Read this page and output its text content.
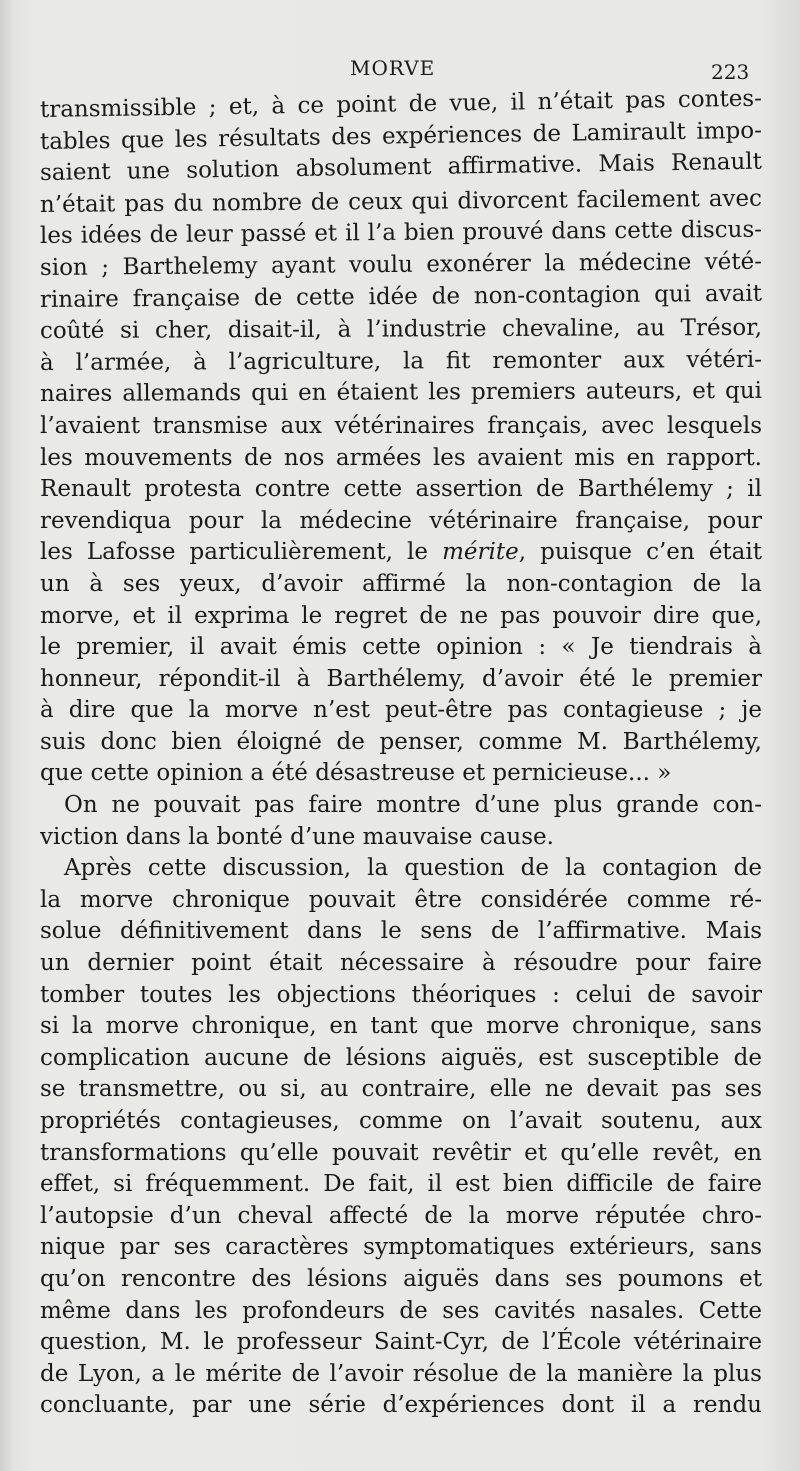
MORVE	223
transmissible ; et, à ce point de vue, il n’était pas contes-
tables que les résultats des expériences de Lamirault impo-
saient une solution absolument affirmative. Mais Renault
n’était pas du nombre de ceux qui divorcent facilement avec
les idées de leur passé et il l’a bien prouvé dans cette discus-
sion ; Barthelemy ayant voulu exonérer la médecine vété-
rinaire française de cette idée de non-contagion qui avait
coûté si cher, disait-il, à l’industrie chevaline, au Trésor,
à l’armée, à l’agriculture, la fit remonter aux vétéri-
naires allemands qui en étaient les premiers auteurs, et qui
l’avaient transmise aux vétérinaires français, avec lesquels
les mouvements de nos armées les avaient mis en rapport.
Renault protesta contre cette assertion de Barthélemy ; il
revendiqua pour la médecine vétérinaire française, pour
les Lafosse particulièrement, le mérite, puisque c’en était
un à ses yeux, d’avoir affirmé la non-contagion de la
morve, et il exprima le regret de ne pas pouvoir dire que,
le premier, il avait émis cette opinion : « Je tiendrais à
honneur, répondit-il à Barthélemy, d’avoir été le premier
à dire que la morve n’est peut-être pas contagieuse ; je
suis donc bien éloigné de penser, comme M. Barthélemy,
que cette opinion a été désastreuse et pernicieuse... »
On ne pouvait pas faire montre d’une plus grande con-
viction dans la bonté d’une mauvaise cause.
Après cette discussion, la question de la contagion de
la morve chronique pouvait être considérée comme ré-
solue définitivement dans le sens de l’affirmative. Mais
un dernier point était nécessaire à résoudre pour faire
tomber toutes les objections théoriques : celui de savoir
si la morve chronique, en tant que morve chronique, sans
complication aucune de lésions aiguës, est susceptible de
se transmettre, ou si, au contraire, elle ne devait pas ses
propriétés contagieuses, comme on l’avait soutenu, aux
transformations qu’elle pouvait revêtir et qu’elle revêt, en
effet, si fréquemment. De fait, il est bien difficile de faire
l’autopsie d’un cheval affecté de la morve réputée chro-
nique par ses caractères symptomatiques extérieurs, sans
qu’on rencontre des lésions aiguës dans ses poumons et
même dans les profondeurs de ses cavités nasales. Cette
question, M. le professeur Saint-Cyr, de l’École vétérinaire
de Lyon, a le mérite de l’avoir résolue de la manière la plus
concluante, par une série d’expériences dont il a rendu
